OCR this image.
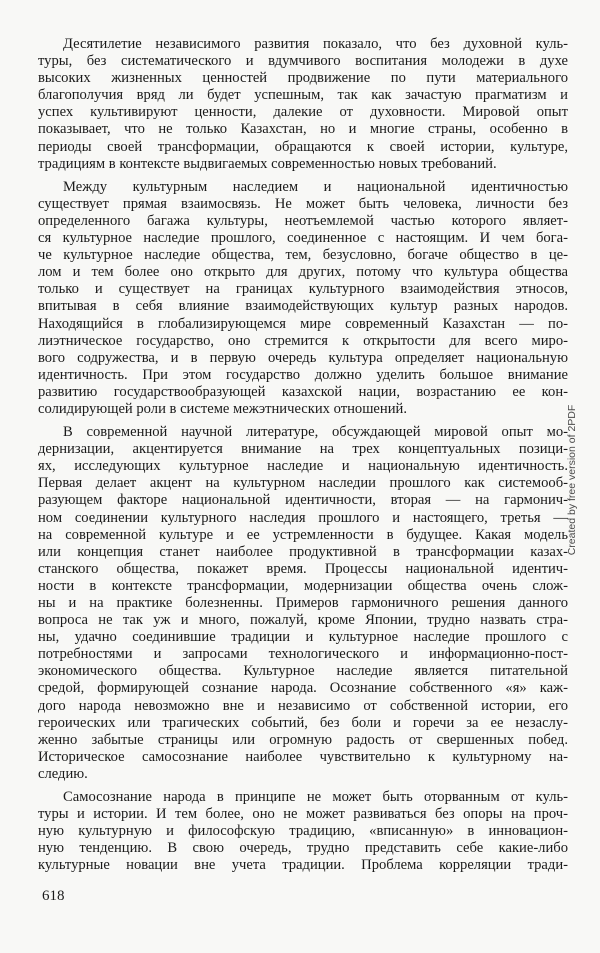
Десятилетие независимого развития показало, что без духовной куль-
туры, без систематического и вдумчивого воспитания молодежи в духе
высоких жизненных ценностей продвижение по пути материального
благополучия вряд ли будет успешным, так как зачастую прагматизм и
успех культивируют ценности, далекие от духовности. Мировой опыт
показывает, что не только Казахстан, но и многие страны, особенно в
периоды своей трансформации, обращаются к своей истории, культуре,
традициям в контексте выдвигаемых современностью новых требований.
Между культурным наследием и национальной идентичностью
существует прямая взаимосвязь. Не может быть человека, личности без
определенного багажа культуры, неотъемлемой частью которого являет-
ся культурное наследие прошлого, соединенное с настоящим. И чем бога-
че культурное наследие общества, тем, безусловно, богаче общество в це-
лом и тем более оно открыто для других, потому что культура общества
только и существует на границах культурного взаимодействия этносов,
впитывая в себя влияние взаимодействующих культур разных народов.
Находящийся в глобализирующемся мире современный Казахстан — по-
лиэтническое государство, оно стремится к открытости для всего миро-
вого содружества, и в первую очередь культура определяет национальную
идентичность. При этом государство должно уделить большое внимание
развитию государствообразующей казахской нации, возрастанию ее кон-
солидирующей роли в системе межэтнических отношений.
В современной научной литературе, обсуждающей мировой опыт мо-
дернизации, акцентируется внимание на трех концептуальных позици-
ях, исследующих культурное наследие и национальную идентичность.
Первая делает акцент на культурном наследии прошлого как системооб-
разующем факторе национальной идентичности, вторая — на гармонич-
ном соединении культурного наследия прошлого и настоящего, третья —
на современной культуре и ее устремленности в будущее. Какая модель
или концепция станет наиболее продуктивной в трансформации казах-
станского общества, покажет время. Процессы национальной идентич-
ности в контексте трансформации, модернизации общества очень слож-
ны и на практике болезненны. Примеров гармоничного решения данного
вопроса не так уж и много, пожалуй, кроме Японии, трудно назвать стра-
ны, удачно соединившие традиции и культурное наследие прошлого с
потребностями и запросами технологического и информационно-пост-
экономического общества. Культурное наследие является питательной
средой, формирующей сознание народа. Осознание собственного «я» каж-
дого народа невозможно вне и независимо от собственной истории, его
героических или трагических событий, без боли и горечи за ее незаслу-
женно забытые страницы или огромную радость от свершенных побед.
Историческое самосознание наиболее чувствительно к культурному на-
следию.
Самосознание народа в принципе не может быть оторванным от куль-
туры и истории. И тем более, оно не может развиваться без опоры на проч-
ную культурную и философскую традицию, «вписанную» в инновацион-
ную тенденцию. В свою очередь, трудно представить себе какие-либо
культурные новации вне учета традиции. Проблема корреляции тради-
618
Created by free version of 2PDF
